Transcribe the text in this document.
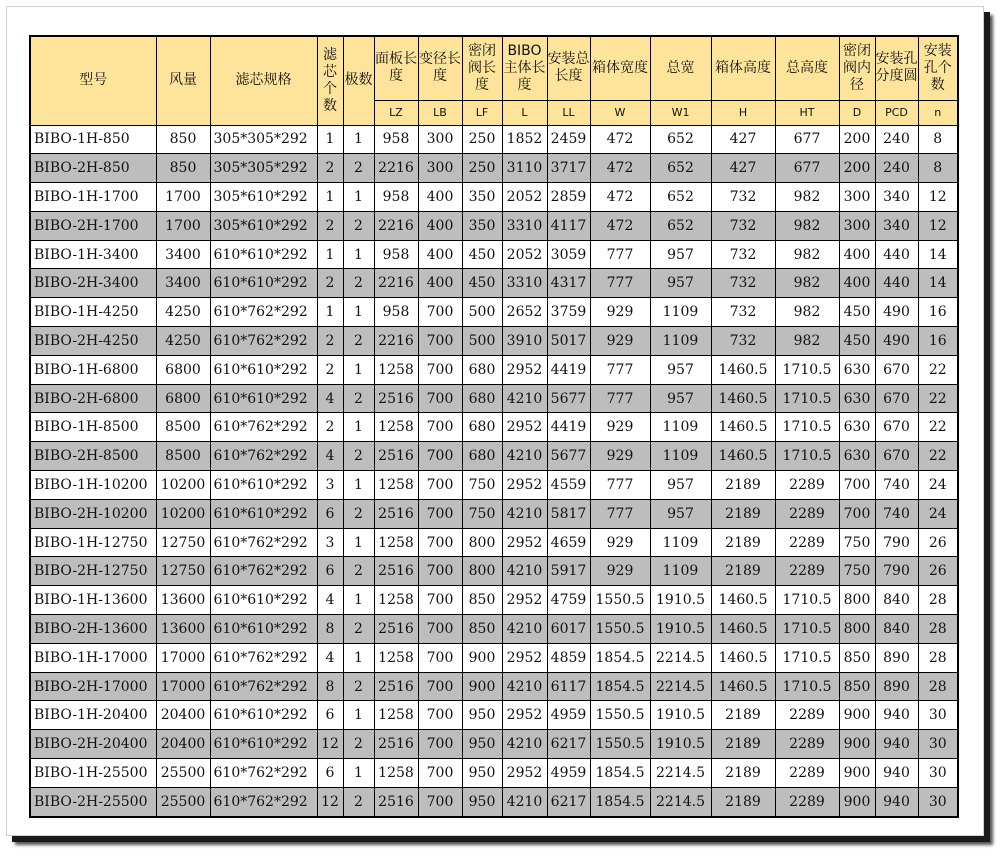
型号	风量	滤芯规格	滤芯个数	极数	面板长度	变径长度	密闭阀长度	BIBO主体长度	安装总长度	箱体宽度	总宽	箱体高度	总高度	密闭阀内径	安装孔分度圆	安装孔个数
					LZ	LB	LF	L	LL	W	W1	H	HT	D	PCD	n
BIBO-1H-850	850	305*305*292	1	1	958	300	250	1852	2459	472	652	427	677	200	240	8
BIBO-2H-850	850	305*305*292	2	2	2216	300	250	3110	3717	472	652	427	677	200	240	8
BIBO-1H-1700	1700	305*610*292	1	1	958	400	350	2052	2859	472	652	732	982	300	340	12
BIBO-2H-1700	1700	305*610*292	2	2	2216	400	350	3310	4117	472	652	732	982	300	340	12
BIBO-1H-3400	3400	610*610*292	1	1	958	400	450	2052	3059	777	957	732	982	400	440	14
BIBO-2H-3400	3400	610*610*292	2	2	2216	400	450	3310	4317	777	957	732	982	400	440	14
BIBO-1H-4250	4250	610*762*292	1	1	958	700	500	2652	3759	929	1109	732	982	450	490	16
BIBO-2H-4250	4250	610*762*292	2	2	2216	700	500	3910	5017	929	1109	732	982	450	490	16
BIBO-1H-6800	6800	610*610*292	2	1	1258	700	680	2952	4419	777	957	1460.5	1710.5	630	670	22
BIBO-2H-6800	6800	610*610*292	4	2	2516	700	680	4210	5677	777	957	1460.5	1710.5	630	670	22
BIBO-1H-8500	8500	610*762*292	2	1	1258	700	680	2952	4419	929	1109	1460.5	1710.5	630	670	22
BIBO-2H-8500	8500	610*762*292	4	2	2516	700	680	4210	5677	929	1109	1460.5	1710.5	630	670	22
BIBO-1H-10200	10200	610*610*292	3	1	1258	700	750	2952	4559	777	957	2189	2289	700	740	24
BIBO-2H-10200	10200	610*610*292	6	2	2516	700	750	4210	5817	777	957	2189	2289	700	740	24
BIBO-1H-12750	12750	610*762*292	3	1	1258	700	800	2952	4659	929	1109	2189	2289	750	790	26
BIBO-2H-12750	12750	610*762*292	6	2	2516	700	800	4210	5917	929	1109	2189	2289	750	790	26
BIBO-1H-13600	13600	610*610*292	4	1	1258	700	850	2952	4759	1550.5	1910.5	1460.5	1710.5	800	840	28
BIBO-2H-13600	13600	610*610*292	8	2	2516	700	850	4210	6017	1550.5	1910.5	1460.5	1710.5	800	840	28
BIBO-1H-17000	17000	610*762*292	4	1	1258	700	900	2952	4859	1854.5	2214.5	1460.5	1710.5	850	890	28
BIBO-2H-17000	17000	610*762*292	8	2	2516	700	900	4210	6117	1854.5	2214.5	1460.5	1710.5	850	890	28
BIBO-1H-20400	20400	610*610*292	6	1	1258	700	950	2952	4959	1550.5	1910.5	2189	2289	900	940	30
BIBO-2H-20400	20400	610*610*292	12	2	2516	700	950	4210	6217	1550.5	1910.5	2189	2289	900	940	30
BIBO-1H-25500	25500	610*762*292	6	1	1258	700	950	2952	4959	1854.5	2214.5	2189	2289	900	940	30
BIBO-2H-25500	25500	610*762*292	12	2	2516	700	950	4210	6217	1854.5	2214.5	2189	2289	900	940	30
